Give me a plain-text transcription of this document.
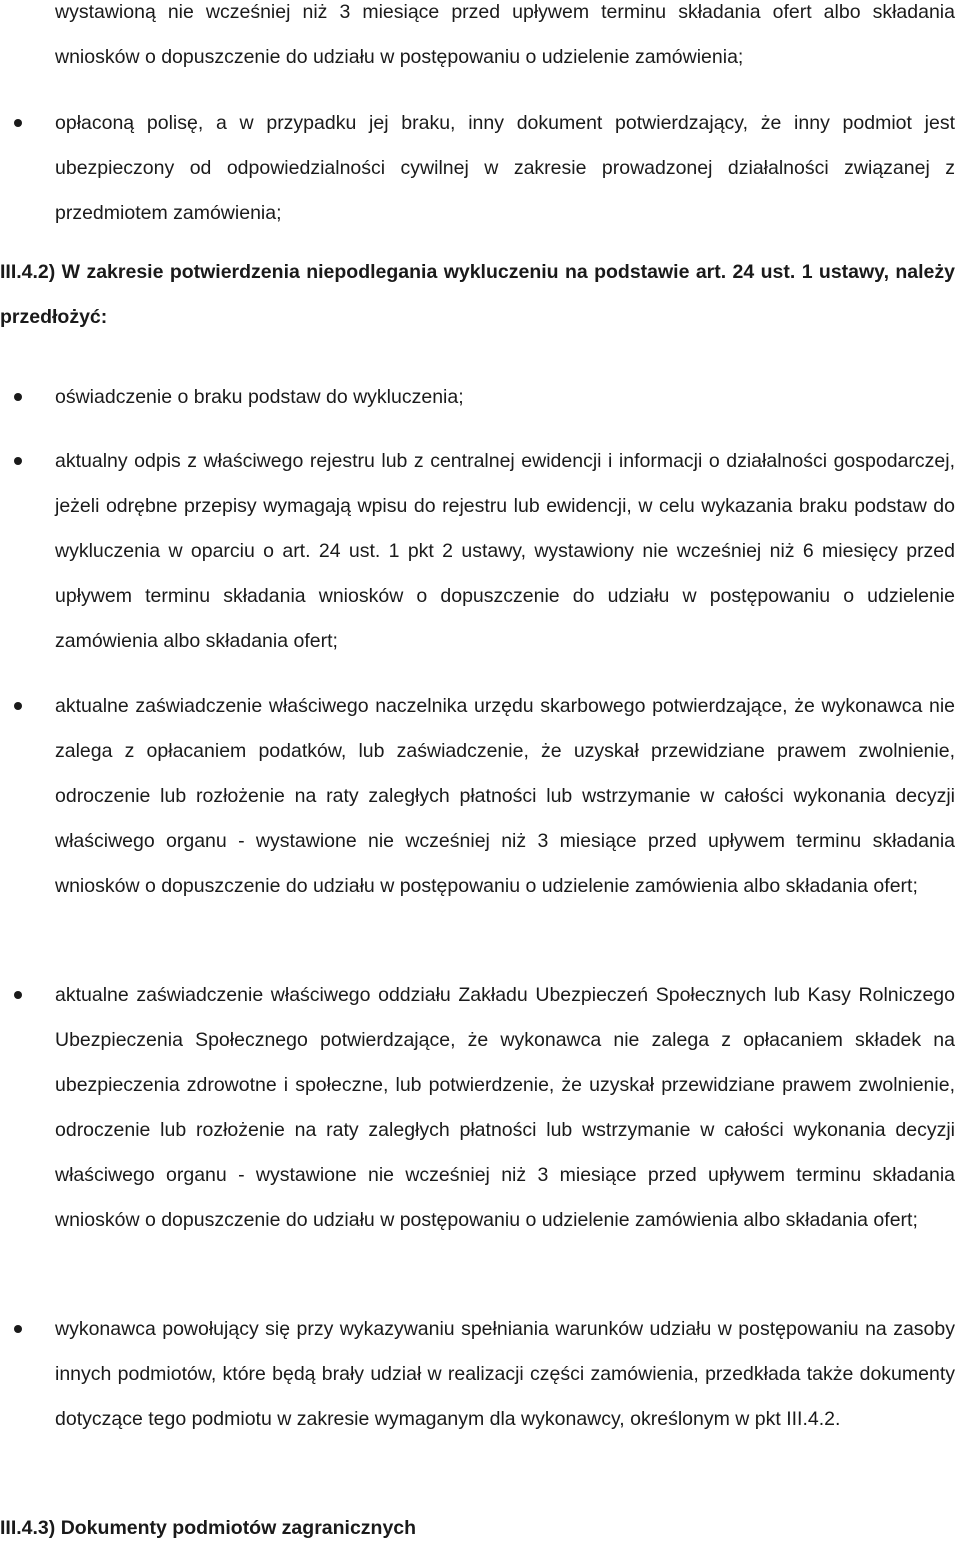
wystawioną nie wcześniej niż 3 miesiące przed upływem terminu składania ofert albo składania wniosków o dopuszczenie do udziału w postępowaniu o udzielenie zamówienia;

opłaconą polisę, a w przypadku jej braku, inny dokument potwierdzający, że inny podmiot jest ubezpieczony od odpowiedzialności cywilnej w zakresie prowadzonej działalności związanej z przedmiotem zamówienia;

III.4.2) W zakresie potwierdzenia niepodlegania wykluczeniu na podstawie art. 24 ust. 1 ustawy, należy przedłożyć:

oświadczenie o braku podstaw do wykluczenia;

aktualny odpis z właściwego rejestru lub z centralnej ewidencji i informacji o działalności gospodarczej, jeżeli odrębne przepisy wymagają wpisu do rejestru lub ewidencji, w celu wykazania braku podstaw do wykluczenia w oparciu o art. 24 ust. 1 pkt 2 ustawy, wystawiony nie wcześniej niż 6 miesięcy przed upływem terminu składania wniosków o dopuszczenie do udziału w postępowaniu o udzielenie zamówienia albo składania ofert;

aktualne zaświadczenie właściwego naczelnika urzędu skarbowego potwierdzające, że wykonawca nie zalega z opłacaniem podatków, lub zaświadczenie, że uzyskał przewidziane prawem zwolnienie, odroczenie lub rozłożenie na raty zaległych płatności lub wstrzymanie w całości wykonania decyzji właściwego organu - wystawione nie wcześniej niż 3 miesiące przed upływem terminu składania wniosków o dopuszczenie do udziału w postępowaniu o udzielenie zamówienia albo składania ofert;

aktualne zaświadczenie właściwego oddziału Zakładu Ubezpieczeń Społecznych lub Kasy Rolniczego Ubezpieczenia Społecznego potwierdzające, że wykonawca nie zalega z opłacaniem składek na ubezpieczenia zdrowotne i społeczne, lub potwierdzenie, że uzyskał przewidziane prawem zwolnienie, odroczenie lub rozłożenie na raty zaległych płatności lub wstrzymanie w całości wykonania decyzji właściwego organu - wystawione nie wcześniej niż 3 miesiące przed upływem terminu składania wniosków o dopuszczenie do udziału w postępowaniu o udzielenie zamówienia albo składania ofert;

wykonawca powołujący się przy wykazywaniu spełniania warunków udziału w postępowaniu na zasoby innych podmiotów, które będą brały udział w realizacji części zamówienia, przedkłada także dokumenty dotyczące tego podmiotu w zakresie wymaganym dla wykonawcy, określonym w pkt III.4.2.

III.4.3) Dokumenty podmiotów zagranicznych
